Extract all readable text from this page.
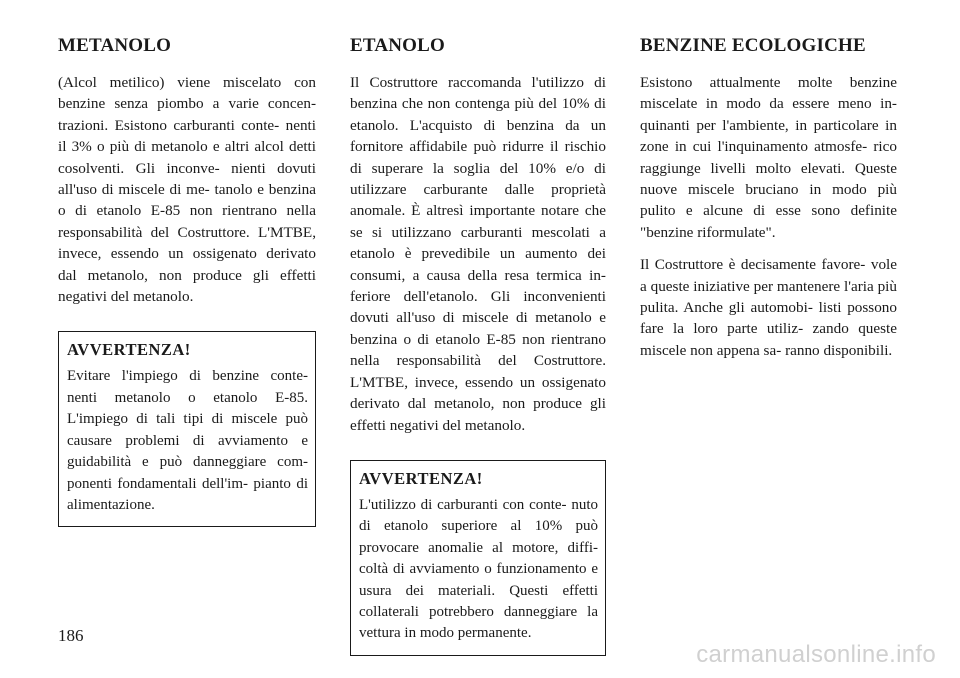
METANOLO

(Alcol metilico) viene miscelato con benzine senza piombo a varie concen- trazioni. Esistono carburanti conte- nenti il 3% o più di metanolo e altri alcol detti cosolventi. Gli inconve- nienti dovuti all'uso di miscele di me- tanolo e benzina o di etanolo E-85 non rientrano nella responsabilità del Costruttore. L'MTBE, invece, essendo un ossigenato derivato dal metanolo, non produce gli effetti negativi del metanolo.

AVVERTENZA!

Evitare l'impiego di benzine conte- nenti metanolo o etanolo E-85. L'impiego di tali tipi di miscele può causare problemi di avviamento e guidabilità e può danneggiare com- ponenti fondamentali dell'im- pianto di alimentazione.

ETANOLO

Il Costruttore raccomanda l'utilizzo di benzina che non contenga più del 10% di etanolo. L'acquisto di benzina da un fornitore affidabile può ridurre il rischio di superare la soglia del 10% e/o di utilizzare carburante dalle proprietà anomale. È altresì importante notare che se si utilizzano carburanti mescolati a etanolo è prevedibile un aumento dei consumi, a causa della resa termica in- feriore dell'etanolo. Gli inconvenienti dovuti all'uso di miscele di metanolo e benzina o di etanolo E-85 non rientrano nella responsabilità del Costruttore. L'MTBE, invece, essendo un ossigenato derivato dal metanolo, non produce gli effetti negativi del metanolo.

AVVERTENZA!

L'utilizzo di carburanti con conte- nuto di etanolo superiore al 10% può provocare anomalie al motore, diffi- coltà di avviamento o funzionamento e usura dei materiali. Questi effetti collaterali potrebbero danneggiare la vettura in modo permanente.

BENZINE ECOLOGICHE

Esistono attualmente molte benzine miscelate in modo da essere meno in- quinanti per l'ambiente, in particolare in zone in cui l'inquinamento atmosfe- rico raggiunge livelli molto elevati. Queste nuove miscele bruciano in modo più pulito e alcune di esse sono definite "benzine riformulate".

Il Costruttore è decisamente favore- vole a queste iniziative per mantenere l'aria più pulita. Anche gli automobi- listi possono fare la loro parte utiliz- zando queste miscele non appena sa- ranno disponibili.

186
carmanualsonline.info
